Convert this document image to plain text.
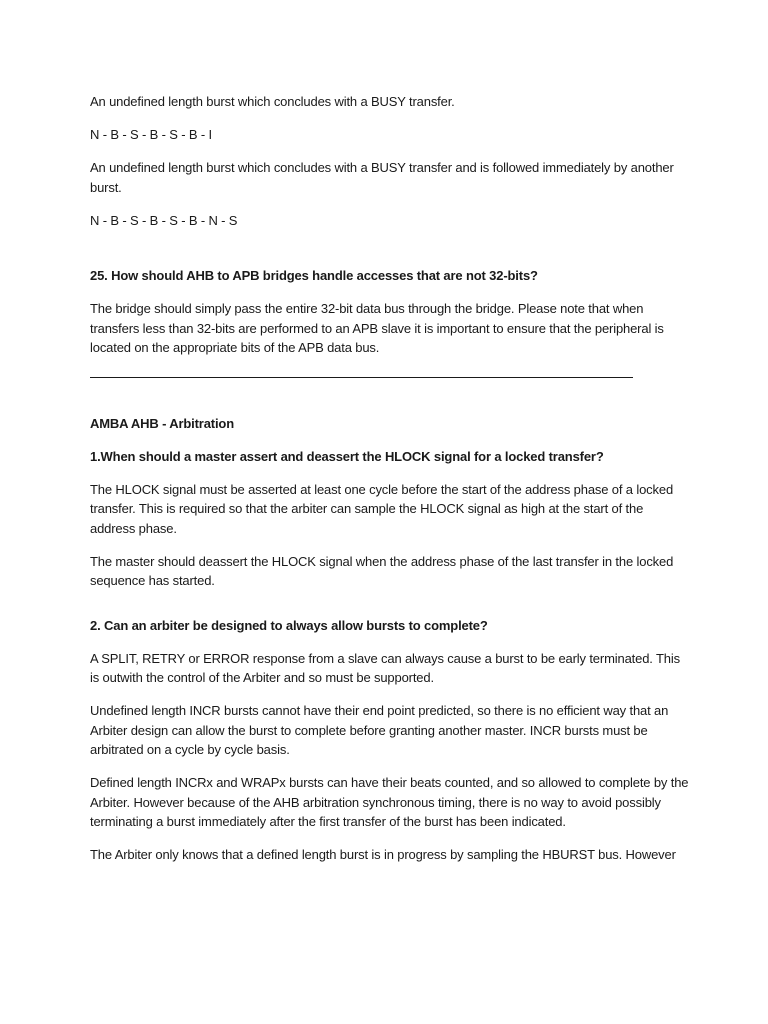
An undefined length burst which concludes with a BUSY transfer.

N - B - S - B - S - B - I

An undefined length burst which concludes with a BUSY transfer and is followed immediately by another burst.

N - B - S - B - S - B - N - S

25. How should AHB to APB bridges handle accesses that are not 32-bits?

The bridge should simply pass the entire 32-bit data bus through the bridge. Please note that when transfers less than 32-bits are performed to an APB slave it is important to ensure that the peripheral is located on the appropriate bits of the APB data bus.

AMBA AHB - Arbitration

1.When should a master assert and deassert the HLOCK signal for a locked transfer?

The HLOCK signal must be asserted at least one cycle before the start of the address phase of a locked transfer. This is required so that the arbiter can sample the HLOCK signal as high at the start of the address phase.

The master should deassert the HLOCK signal when the address phase of the last transfer in the locked sequence has started.

2. Can an arbiter be designed to always allow bursts to complete?

A SPLIT, RETRY or ERROR response from a slave can always cause a burst to be early terminated. This is outwith the control of the Arbiter and so must be supported.

Undefined length INCR bursts cannot have their end point predicted, so there is no efficient way that an Arbiter design can allow the burst to complete before granting another master. INCR bursts must be arbitrated on a cycle by cycle basis.

Defined length INCRx and WRAPx bursts can have their beats counted, and so allowed to complete by the Arbiter. However because of the AHB arbitration synchronous timing, there is no way to avoid possibly terminating a burst immediately after the first transfer of the burst has been indicated.

The Arbiter only knows that a defined length burst is in progress by sampling the HBURST bus. However
